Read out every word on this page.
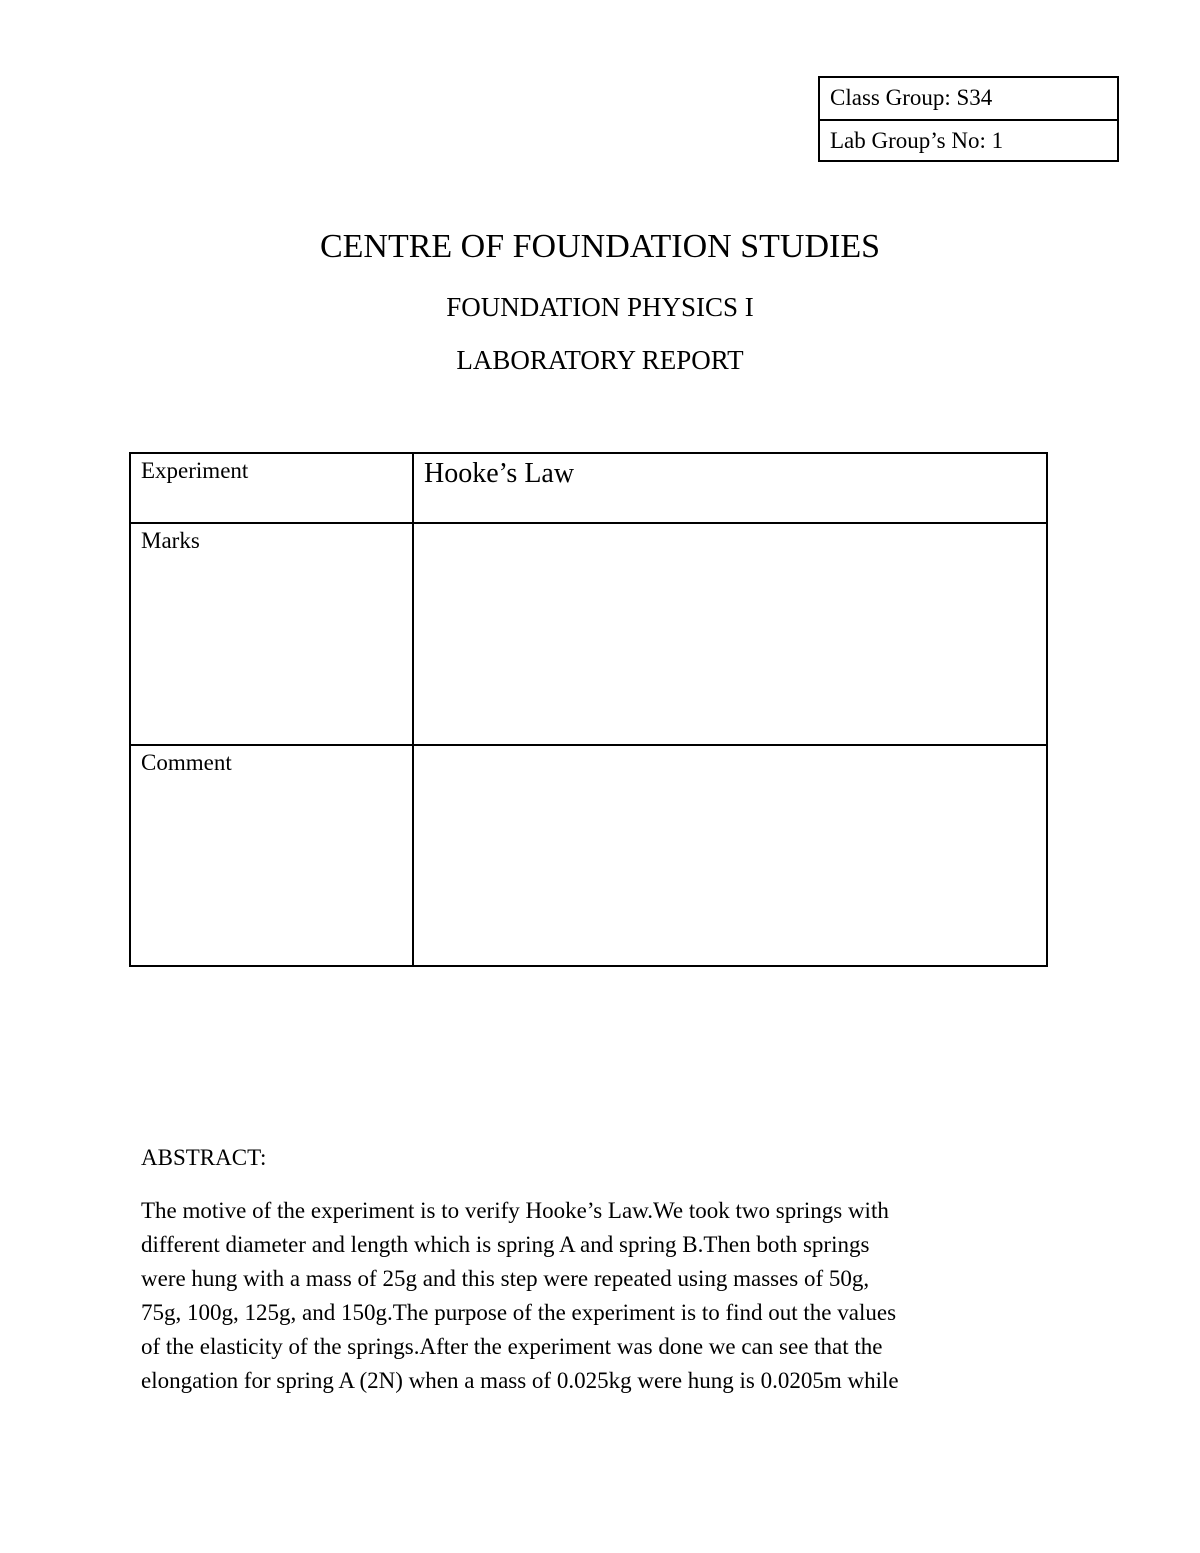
Class Group: S34
Lab Group’s No: 1
CENTRE OF FOUNDATION STUDIES
FOUNDATION PHYSICS I
LABORATORY REPORT
Experiment	Hooke’s Law
Marks	
Comment	
ABSTRACT:
The motive of the experiment is to verify Hooke’s Law.We took two springs with
different diameter and length which is spring A and spring B.Then both springs
were hung with a mass of 25g and this step were repeated using masses of 50g,
75g, 100g, 125g, and 150g.The purpose of the experiment is to find out the values
of the elasticity of the springs.After the experiment was done we can see that the
elongation for spring A (2N) when a mass of 0.025kg were hung is 0.0205m while
